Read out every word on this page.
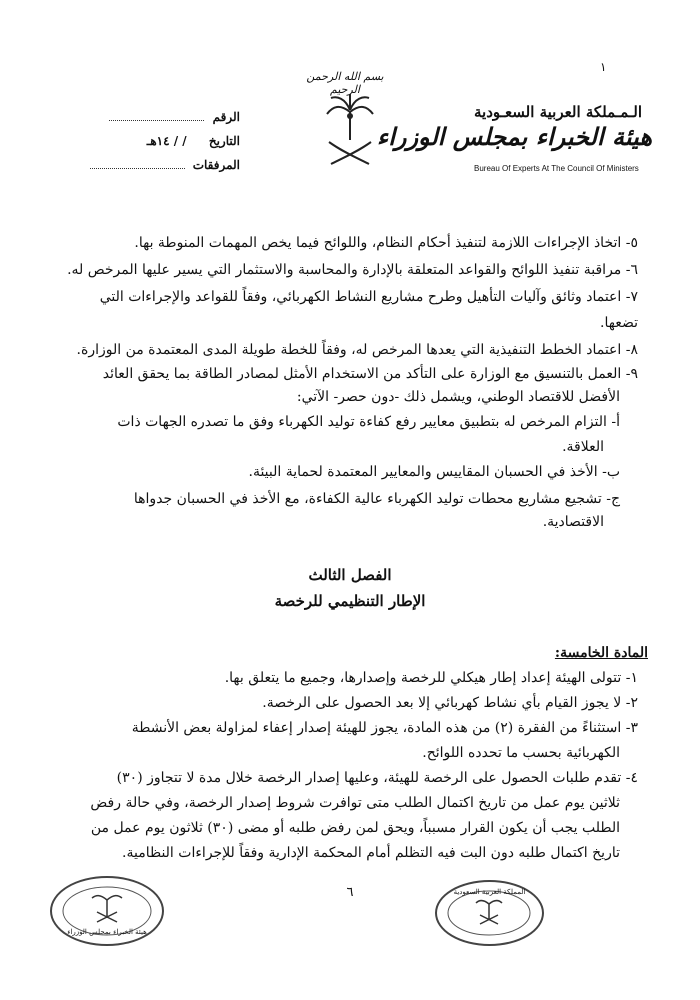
١
بسم الله الرحمن الرحيم
الـمـملكة العربية السعـودية
هيئة الخبراء بمجلس الوزراء
Bureau Of Experts At The Council Of Ministers
الرقم
التاريخ / / ١٤هـ
المرفقات
٥- اتخاذ الإجراءات اللازمة لتنفيذ أحكام النظام، واللوائح فيما يخص المهمات المنوطة بها.
٦- مراقبة تنفيذ اللوائح والقواعد المتعلقة بالإدارة والمحاسبة والاستثمار التي يسير عليها المرخص له.
٧- اعتماد وثائق وآليات التأهيل وطرح مشاريع النشاط الكهربائي، وفقاً للقواعد والإجراءات التي
تضعها.
٨- اعتماد الخطط التنفيذية التي يعدها المرخص له، وفقاً للخطة طويلة المدى المعتمدة من الوزارة.
٩- العمل بالتنسيق مع الوزارة على التأكد من الاستخدام الأمثل لمصادر الطاقة بما يحقق العائد
الأفضل للاقتصاد الوطني، ويشمل ذلك -دون حصر- الآتي:
أ- التزام المرخص له بتطبيق معايير رفع كفاءة توليد الكهرباء وفق ما تصدره الجهات ذات
العلاقة.
ب- الأخذ في الحسبان المقاييس والمعايير المعتمدة لحماية البيئة.
ج- تشجيع مشاريع محطات توليد الكهرباء عالية الكفاءة، مع الأخذ في الحسبان جدواها
الاقتصادية.
الفصل الثالث
الإطار التنظيمي للرخصة
المادة الخامسة:
١- تتولى الهيئة إعداد إطار هيكلي للرخصة وإصدارها، وجميع ما يتعلق بها.
٢- لا يجوز القيام بأي نشاط كهربائي إلا بعد الحصول على الرخصة.
٣- استثناءً من الفقرة (٢) من هذه المادة، يجوز للهيئة إصدار إعفاء لمزاولة بعض الأنشطة
الكهربائية بحسب ما تحدده اللوائح.
٤- تقدم طلبات الحصول على الرخصة للهيئة، وعليها إصدار الرخصة خلال مدة لا تتجاوز (٣٠)
ثلاثين يوم عمل من تاريخ اكتمال الطلب متى توافرت شروط إصدار الرخصة، وفي حالة رفض
الطلب يجب أن يكون القرار مسبباً، ويحق لمن رفض طلبه أو مضى (٣٠) ثلاثون يوم عمل من
تاريخ اكتمال طلبه دون البت فيه التظلم أمام المحكمة الإدارية وفقاً للإجراءات النظامية.
٦
هيئة الخبراء بمجلس الوزراء
المملكة العربية السعودية
